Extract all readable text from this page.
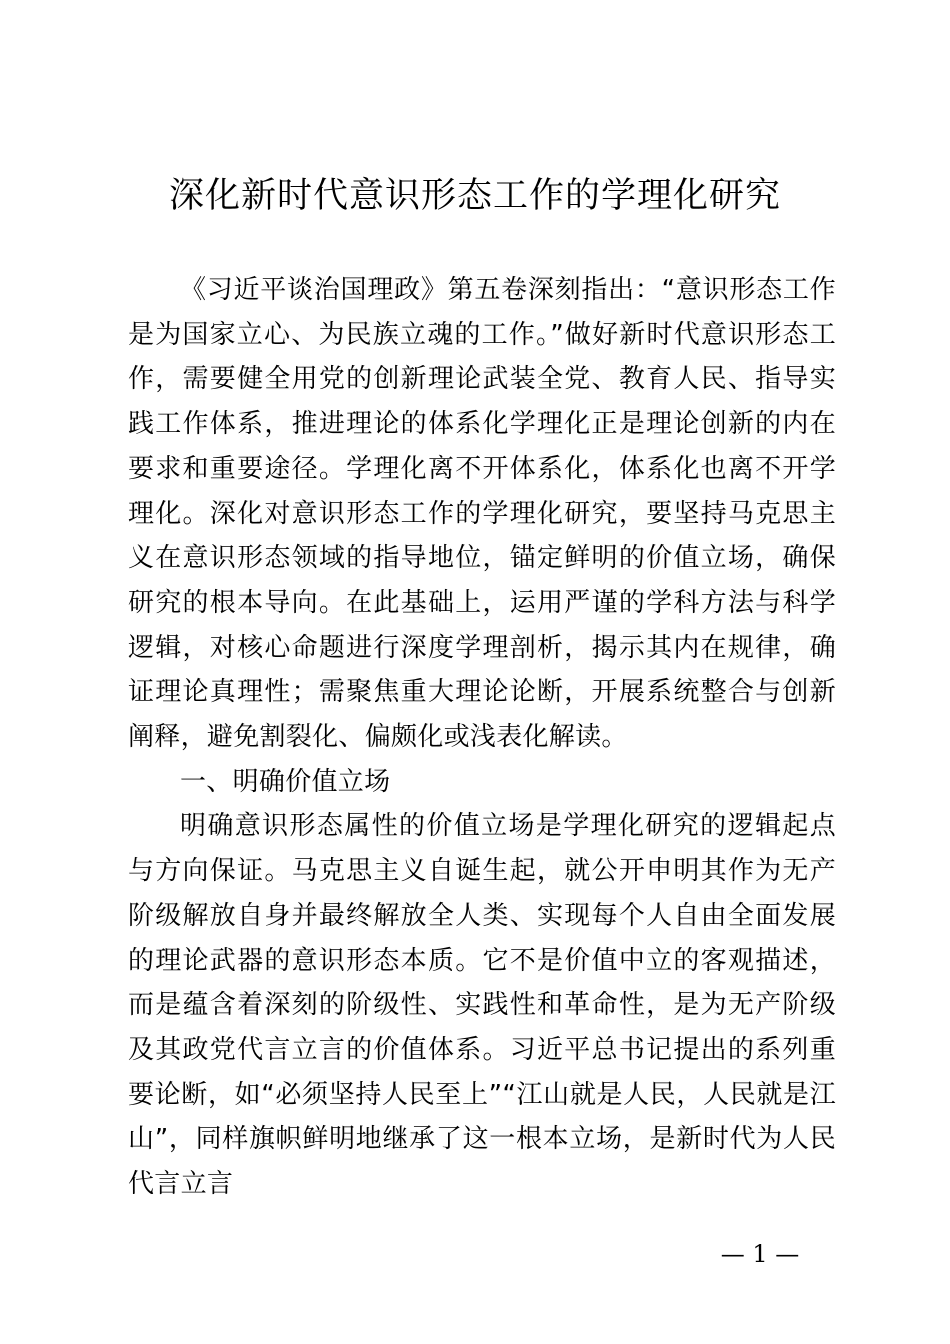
深化新时代意识形态工作的学理化研究

《习近平谈治国理政》第五卷深刻指出：“意识形态工作是为国家立心、为民族立魂的工作。”做好新时代意识形态工作，需要健全用党的创新理论武装全党、教育人民、指导实践工作体系，推进理论的体系化学理化正是理论创新的内在要求和重要途径。学理化离不开体系化，体系化也离不开学理化。深化对意识形态工作的学理化研究，要坚持马克思主义在意识形态领域的指导地位，锚定鲜明的价值立场，确保研究的根本导向。在此基础上，运用严谨的学科方法与科学逻辑，对核心命题进行深度学理剖析，揭示其内在规律，确证理论真理性；需聚焦重大理论论断，开展系统整合与创新阐释，避免割裂化、偏颇化或浅表化解读。

一、明确价值立场

明确意识形态属性的价值立场是学理化研究的逻辑起点与方向保证。马克思主义自诞生起，就公开申明其作为无产阶级解放自身并最终解放全人类、实现每个人自由全面发展的理论武器的意识形态本质。它不是价值中立的客观描述，而是蕴含着深刻的阶级性、实践性和革命性，是为无产阶级及其政党代言立言的价值体系。习近平总书记提出的系列重要论断，如“必须坚持人民至上”“江山就是人民，人民就是江山”，同样旗帜鲜明地继承了这一根本立场，是新时代为人民代言立言

— 1 —
